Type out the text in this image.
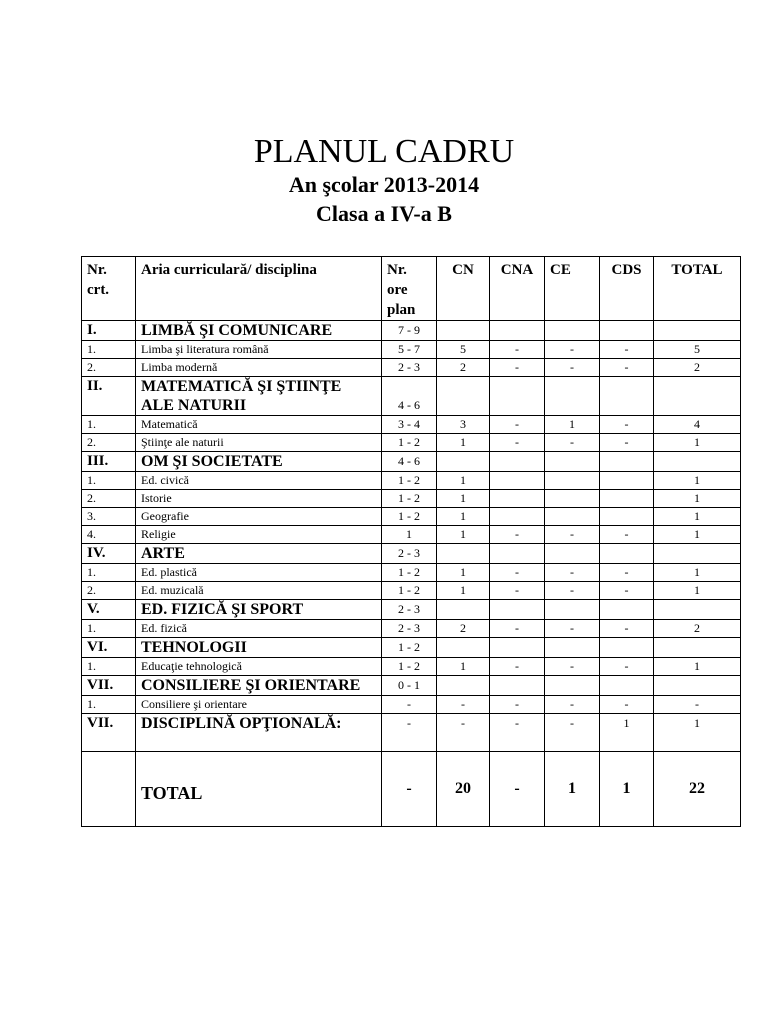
PLANUL CADRU
An şcolar 2013-2014
Clasa a IV-a B
Nr. crt.	Aria curriculară/ disciplina	Nr. ore plan	CN	CNA	CE	CDS	TOTAL
I.	LIMBĂ ŞI COMUNICARE	7 - 9					
1.	Limba şi literatura română	5 - 7	5	-	-	-	5
2.	Limba modernă	2 - 3	2	-	-	-	2
II.	MATEMATICĂ ŞI ŞTIINŢE ALE NATURII	4 - 6					
1.	Matematică	3 - 4	3	-	1	-	4
2.	Ştiinţe ale naturii	1 - 2	1	-	-	-	1
III.	OM ŞI SOCIETATE	4 - 6					
1.	Ed. civică	1 - 2	1				1
2.	Istorie	1 - 2	1				1
3.	Geografie	1 - 2	1				1
4.	Religie	1	1	-	-	-	1
IV.	ARTE	2 - 3					
1.	Ed. plastică	1 - 2	1	-	-	-	1
2.	Ed. muzicală	1 - 2	1	-	-	-	1
V.	ED. FIZICĂ ŞI SPORT	2 - 3					
1.	Ed. fizică	2 - 3	2	-	-	-	2
VI.	TEHNOLOGII	1 - 2					
1.	Educaţie tehnologică	1 - 2	1	-	-	-	1
VII.	CONSILIERE ŞI ORIENTARE	0 - 1					
1.	Consiliere şi orientare	-	-	-	-	-	-
VII.	DISCIPLINĂ OPŢIONALĂ:	-	-	-	-	1	1
	TOTAL	-	20	-	1	1	22
